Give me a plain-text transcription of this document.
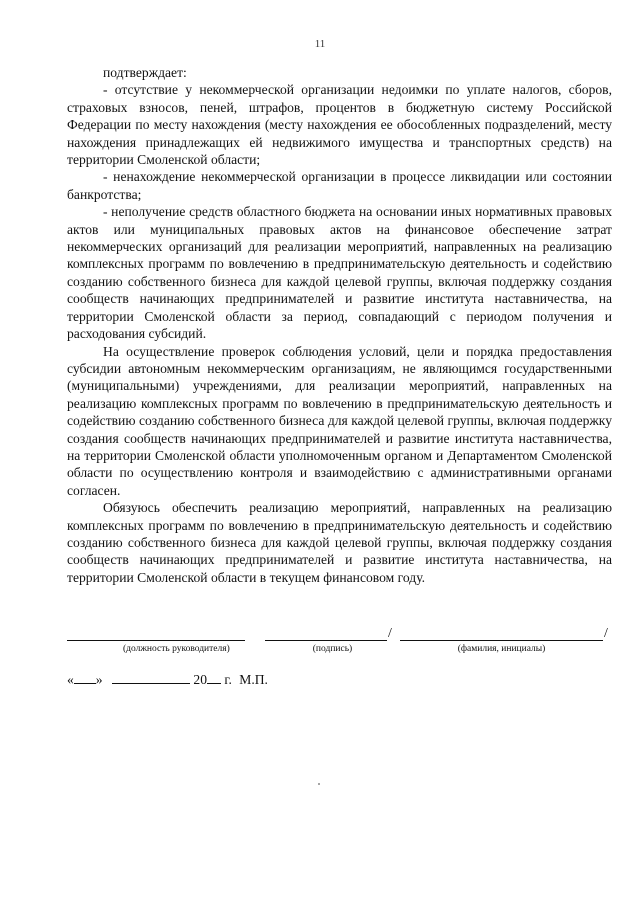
11

подтверждает:

- отсутствие у некоммерческой организации недоимки по уплате налогов, сборов, страховых взносов, пеней, штрафов, процентов в бюджетную систему Российской Федерации по месту нахождения (месту нахождения ее обособленных подразделений, месту нахождения принадлежащих ей недвижимого имущества и транспортных средств) на территории Смоленской области;

- ненахождение некоммерческой организации в процессе ликвидации или состоянии банкротства;

- неполучение средств областного бюджета на основании иных нормативных правовых актов или муниципальных правовых актов на финансовое обеспечение затрат некоммерческих организаций для реализации мероприятий, направленных на реализацию комплексных программ по вовлечению в предпринимательскую деятельность и содействию созданию собственного бизнеса для каждой целевой группы, включая поддержку создания сообществ начинающих предпринимателей и развитие института наставничества, на территории Смоленской области за период, совпадающий с периодом получения и расходования субсидий.

На осуществление проверок соблюдения условий, цели и порядка предоставления субсидии автономным некоммерческим организациям, не являющимся государственными (муниципальными) учреждениями, для реализации мероприятий, направленных на реализацию комплексных программ по вовлечению в предпринимательскую деятельность и содействию созданию собственного бизнеса для каждой целевой группы, включая поддержку создания сообществ начинающих предпринимателей и развитие института наставничества, на территории Смоленской области уполномоченным органом и Департаментом Смоленской области по осуществлению контроля и взаимодействию с административными органами согласен.

Обязуюсь обеспечить реализацию мероприятий, направленных на реализацию комплексных программ по вовлечению в предпринимательскую деятельность и содействию созданию собственного бизнеса для каждой целевой группы, включая поддержку создания сообществ начинающих предпринимателей и развитие института наставничества, на территории Смоленской области в текущем финансовом году.

(должность руководителя)
/
(подпись)
/
(фамилия, инициалы)
« »	20 г. М.П.
